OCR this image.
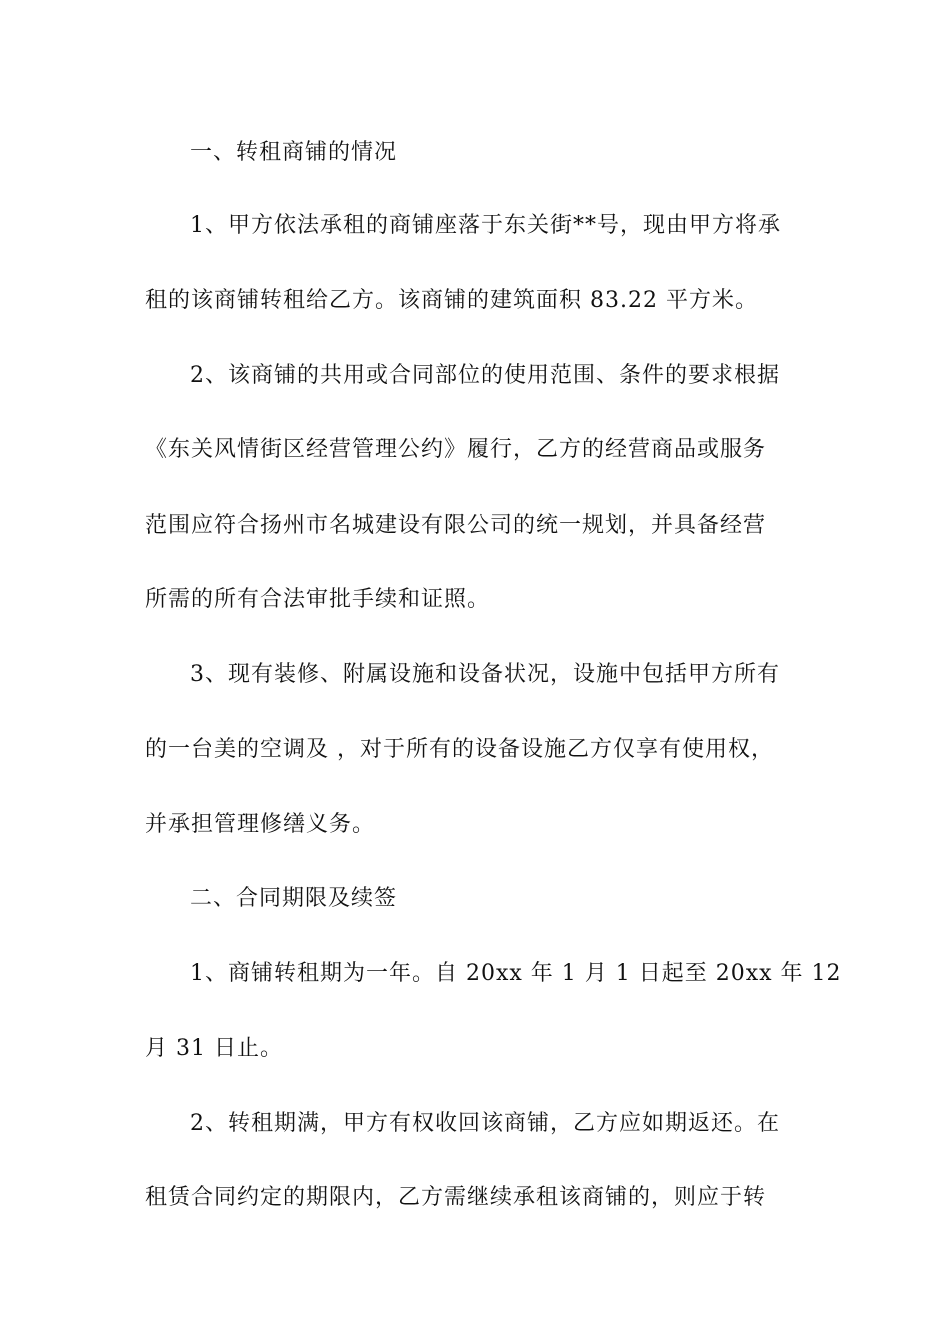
一、转租商铺的情况
1、甲方依法承租的商铺座落于东关街**号，现由甲方将承
租的该商铺转租给乙方。该商铺的建筑面积 83.22 平方米。
2、该商铺的共用或合同部位的使用范围、条件的要求根据
《东关风情街区经营管理公约》履行，乙方的经营商品或服务
范围应符合扬州市名城建设有限公司的统一规划，并具备经营
所需的所有合法审批手续和证照。
3、现有装修、附属设施和设备状况，设施中包括甲方所有
的一台美的空调及 ，对于所有的设备设施乙方仅享有使用权，
并承担管理修缮义务。
二、合同期限及续签
1、商铺转租期为一年。自 20xx 年 1 月 1 日起至 20xx 年 12
月 31 日止。
2、转租期满，甲方有权收回该商铺，乙方应如期返还。在
租赁合同约定的期限内，乙方需继续承租该商铺的，则应于转
